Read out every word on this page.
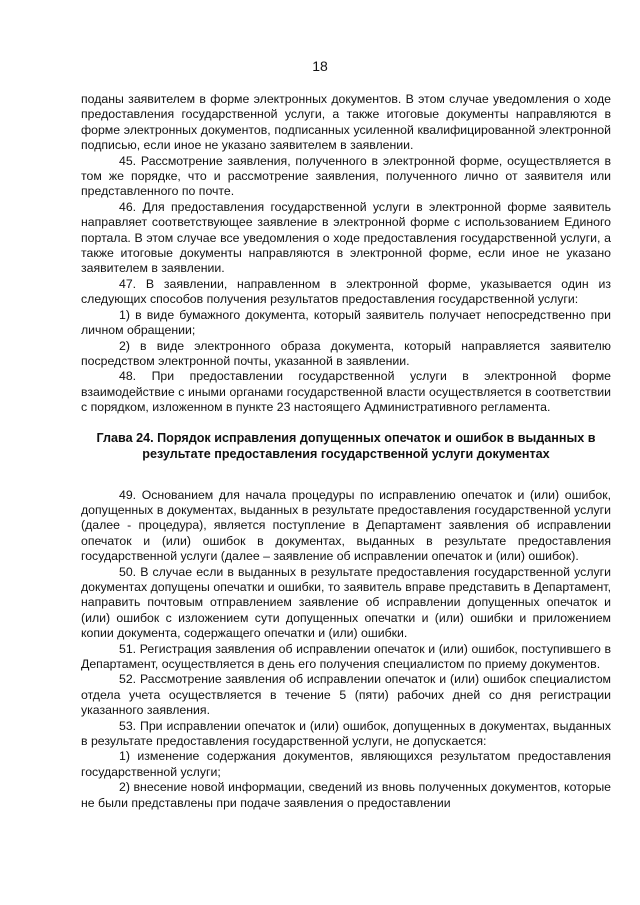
18

поданы заявителем в форме электронных документов. В этом случае уведомления о ходе предоставления государственной услуги, а также итоговые документы направляются в форме электронных документов, подписанных усиленной квалифицированной электронной подписью, если иное не указано заявителем в заявлении.

45. Рассмотрение заявления, полученного в электронной форме, осуществляется в том же порядке, что и рассмотрение заявления, полученного лично от заявителя или представленного по почте.

46. Для предоставления государственной услуги в электронной форме заявитель направляет соответствующее заявление в электронной форме с использованием Единого портала. В этом случае все уведомления о ходе предоставления государственной услуги, а также итоговые документы направляются в электронной форме, если иное не указано заявителем в заявлении.

47. В заявлении, направленном в электронной форме, указывается один из следующих способов получения результатов предоставления государственной услуги:

1) в виде бумажного документа, который заявитель получает непосредственно при личном обращении;

2) в виде электронного образа документа, который направляется заявителю посредством электронной почты, указанной в заявлении.

48. При предоставлении государственной услуги в электронной форме взаимодействие с иными органами государственной власти осуществляется в соответствии с порядком, изложенном в пункте 23 настоящего Административного регламента.

Глава 24. Порядок исправления допущенных опечаток и ошибок в выданных в результате предоставления государственной услуги документах

49. Основанием для начала процедуры по исправлению опечаток и (или) ошибок, допущенных в документах, выданных в результате предоставления государственной услуги (далее - процедура), является поступление в Департамент заявления об исправлении опечаток и (или) ошибок в документах, выданных в результате предоставления государственной услуги (далее – заявление об исправлении опечаток и (или) ошибок).

50. В случае если в выданных в результате предоставления государственной услуги документах допущены опечатки и ошибки, то заявитель вправе представить в Департамент, направить почтовым отправлением заявление об исправлении допущенных опечаток и (или) ошибок с изложением сути допущенных опечатки и (или) ошибки и приложением копии документа, содержащего опечатки и (или) ошибки.

51. Регистрация заявления об исправлении опечаток и (или) ошибок, поступившего в Департамент, осуществляется в день его получения специалистом по приему документов.

52. Рассмотрение заявления об исправлении опечаток и (или) ошибок специалистом отдела учета осуществляется в течение 5 (пяти) рабочих дней со дня регистрации указанного заявления.

53. При исправлении опечаток и (или) ошибок, допущенных в документах, выданных в результате предоставления государственной услуги, не допускается:

1) изменение содержания документов, являющихся результатом предоставления государственной услуги;

2) внесение новой информации, сведений из вновь полученных документов, которые не были представлены при подаче заявления о предоставлении
